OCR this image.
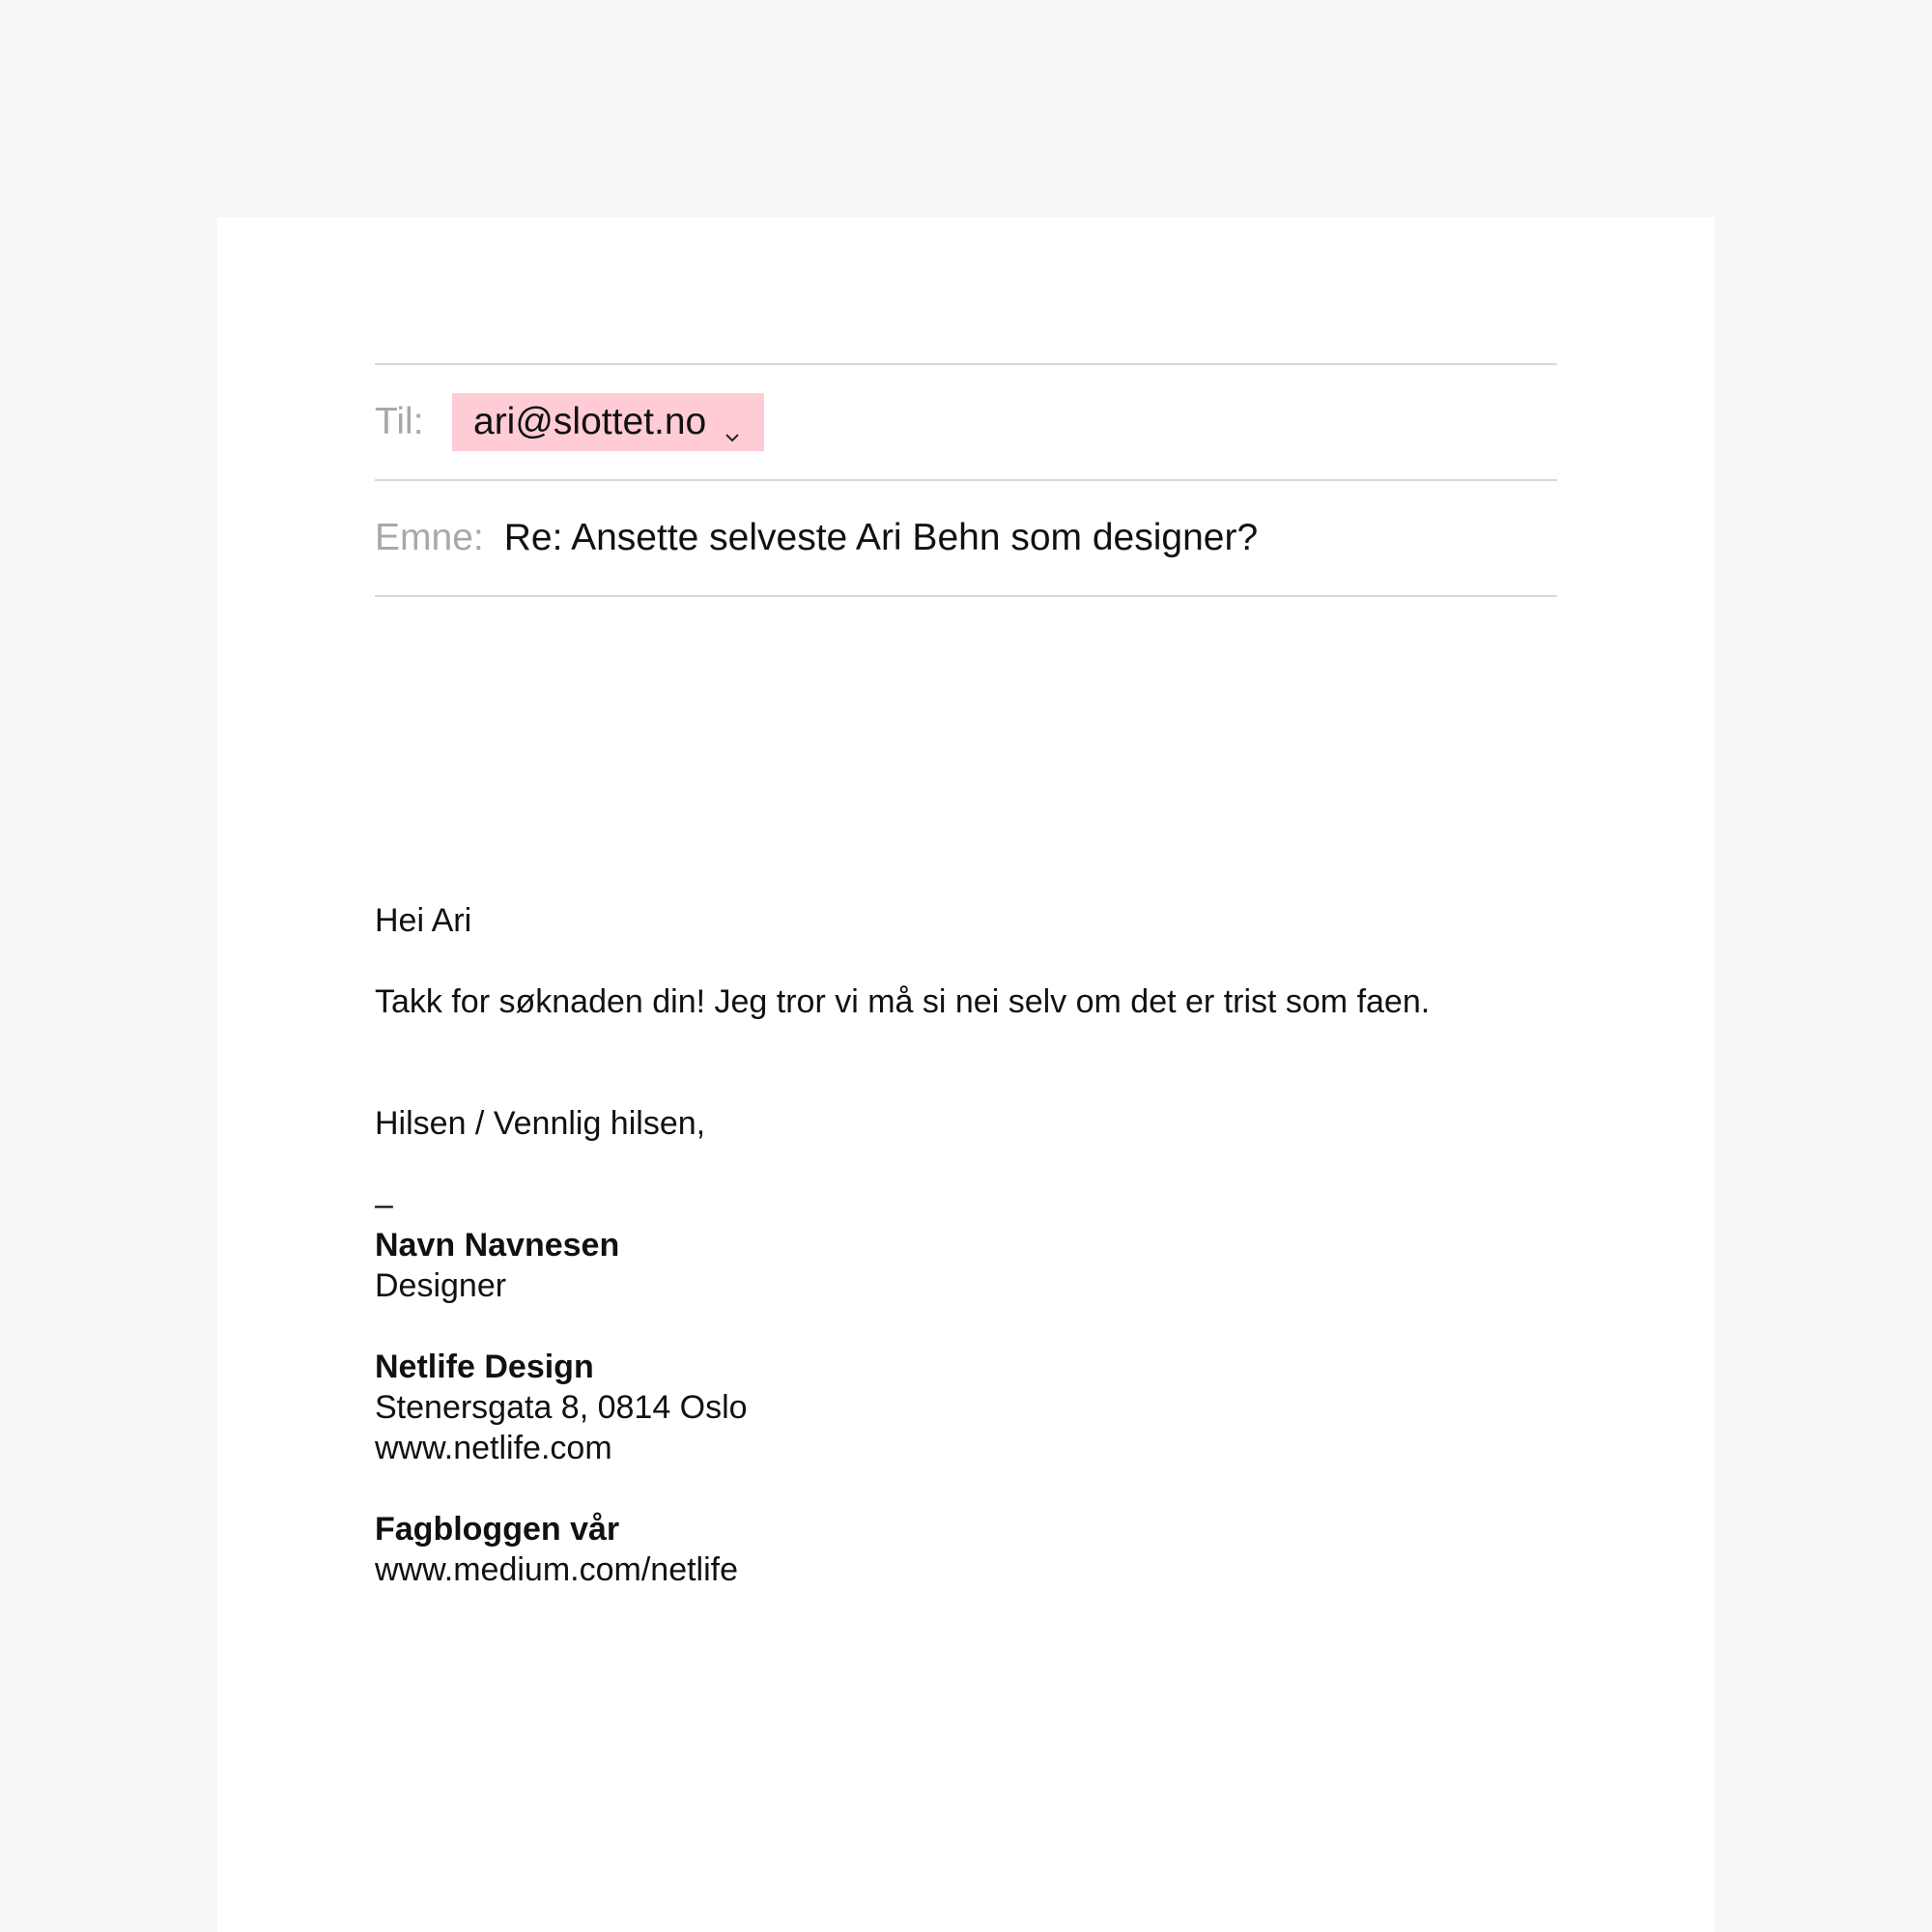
Til:	ari@slottet.no
Emne: Re: Ansette selveste Ari Behn som designer?
Hei Ari
Takk for søknaden din! Jeg tror vi må si nei selv om det er trist som faen.
Hilsen / Vennlig hilsen,
–
Navn Navnesen
Designer
Netlife Design
Stenersgata 8, 0814 Oslo
www.netlife.com
Fagbloggen vår
www.medium.com/netlife
